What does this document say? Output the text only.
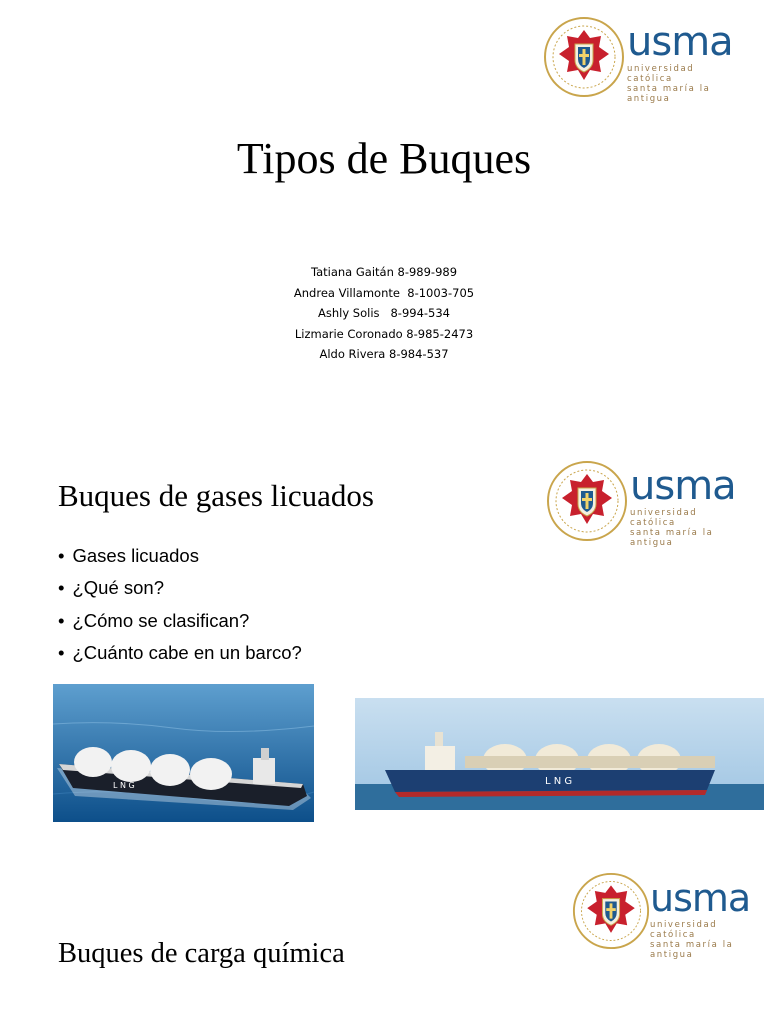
usma
universidad católica
santa maría la antigua
Tipos de Buques
Tatiana Gaitán 8-989-989
Andrea Villamonte  8-1003-705
Ashly Solis   8-994-534
Lizmarie Coronado 8-985-2473
Aldo Rivera 8-984-537
Buques de gases licuados	usma
universidad católica
santa maría la antigua
• Gases licuados
• ¿Qué son?
• ¿Cómo se clasifican?
• ¿Cuánto cabe en un barco?
L N G	L N G
usma
universidad católica
santa maría la antigua
Buques de carga química
